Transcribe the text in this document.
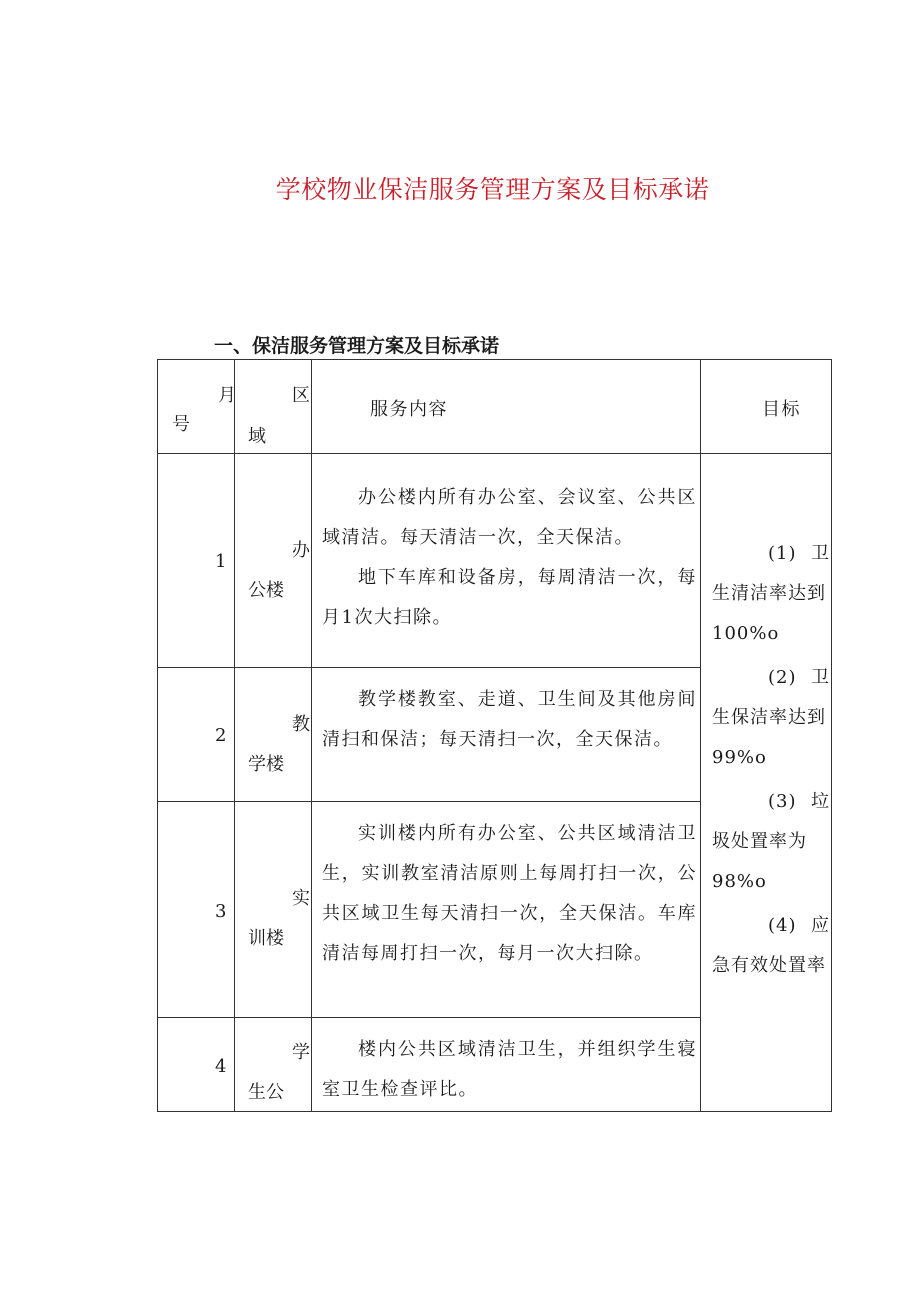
学校物业保洁服务管理方案及目标承诺
一、保洁服务管理方案及目标承诺
月
号
区
域
服务内容	目标
1
办
公楼

办公楼内所有办公室、会议室、公共区域清洁。每天清洁一次，全天保洁。

地下车库和设备房，每周清洁一次，每月1次大扫除。

2
教
学楼

教学楼教室、走道、卫生间及其他房间清扫和保洁；每天清扫一次，全天保洁。

3
实
训楼

实训楼内所有办公室、公共区域清洁卫生，实训教室清洁原则上每周打扫一次，公共区域卫生每天清扫一次，全天保洁。车库清洁每周打扫一次，每月一次大扫除。

4
学
生公

楼内公共区域清洁卫生，并组织学生寝室卫生检查评比。

(1) 卫
生清洁率达到100%o
(2) 卫
生保洁率达到99%o
(3) 垃
圾处置率为98%o
(4) 应
急有效处置率
